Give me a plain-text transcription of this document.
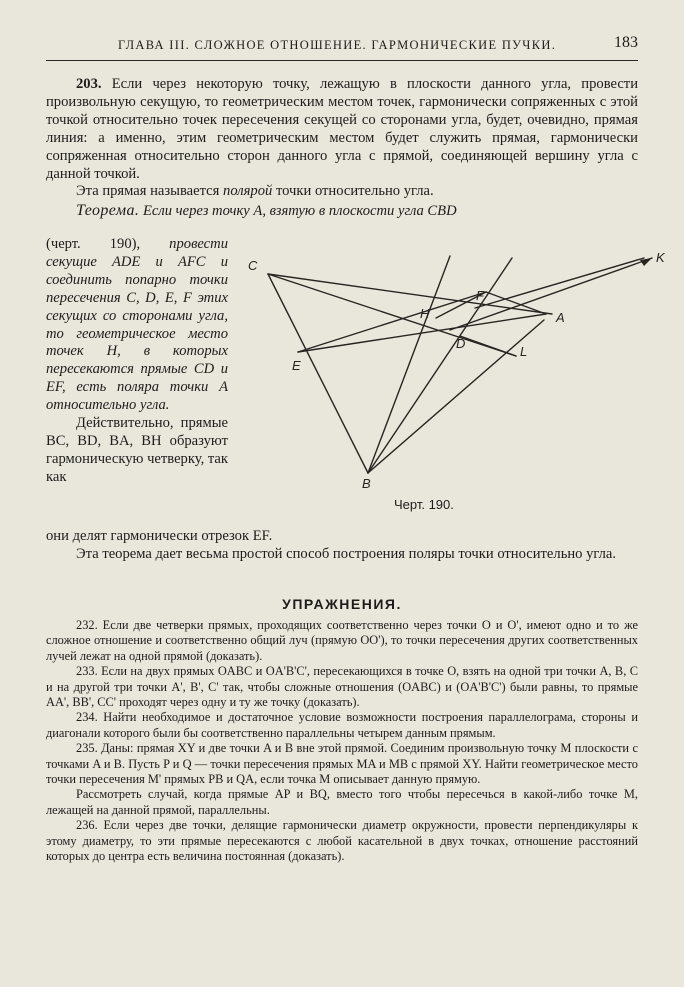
ГЛАВА III. СЛОЖНОЕ ОТНОШЕНИЕ. ГАРМОНИЧЕСКИЕ ПУЧКИ.	183

203. Если через некоторую точку, лежащую в плоскости данного угла, провести произвольную секущую, то геометрическим местом точек, гармонически сопряженных с этой точкой относительно точек пересечения секущей со сторонами угла, будет, очевидно, прямая линия: а именно, этим геометрическим местом будет служить прямая, гармонически сопряженная относительно сторон данного угла с прямой, соединяющей вершину угла с данной точкой.

Эта прямая называется полярой точки относительно угла.

Теорема. Если через точку A, взятую в плоскости угла CBD

(черт. 190), провести секущие ADE и AFC и соединить попарно точки пересечения C, D, E, F этих секущих со сторонами угла, то геометрическое место точек H, в которых пересекаются прямые CD и EF, есть поляра точки A относительно угла.

Действительно, прямые BC, BD, BA, BH образуют гармоническую четверку, так как

C
K
F
H	A
D
L
E
B
Черт. 190.

они делят гармонически отрезок EF.

Эта теорема дает весьма простой способ построения поляры точки относительно угла.

УПРАЖНЕНИЯ.

232. Если две четверки прямых, проходящих соответственно через точки O и O', имеют одно и то же сложное отношение и соответственно общий луч (прямую OO'), то точки пересечения других соответственных лучей лежат на одной прямой (доказать).

233. Если на двух прямых OABC и OA'B'C', пересекающихся в точке O, взять на одной три точки A, B, C и на другой три точки A', B', C' так, чтобы сложные отношения (OABC) и (OA'B'C') были равны, то прямые AA', BB', CC' проходят через одну и ту же точку (доказать).

234. Найти необходимое и достаточное условие возможности построения параллелограма, стороны и диагонали которого были бы соответственно параллельны четырем данным прямым.

235. Даны: прямая XY и две точки A и B вне этой прямой. Соединим произвольную точку M плоскости с точками A и B. Пусть P и Q — точки пересечения прямых MA и MB с прямой XY. Найти геометрическое место точки пересечения M' прямых PB и QA, если точка M описывает данную прямую.

Рассмотреть случай, когда прямые AP и BQ, вместо того чтобы пересечься в какой-либо точке M, лежащей на данной прямой, параллельны.

236. Если через две точки, делящие гармонически диаметр окружности, провести перпендикуляры к этому диаметру, то эти прямые пересекаются с любой касательной в двух точках, отношение расстояний которых до центра есть величина постоянная (доказать).
